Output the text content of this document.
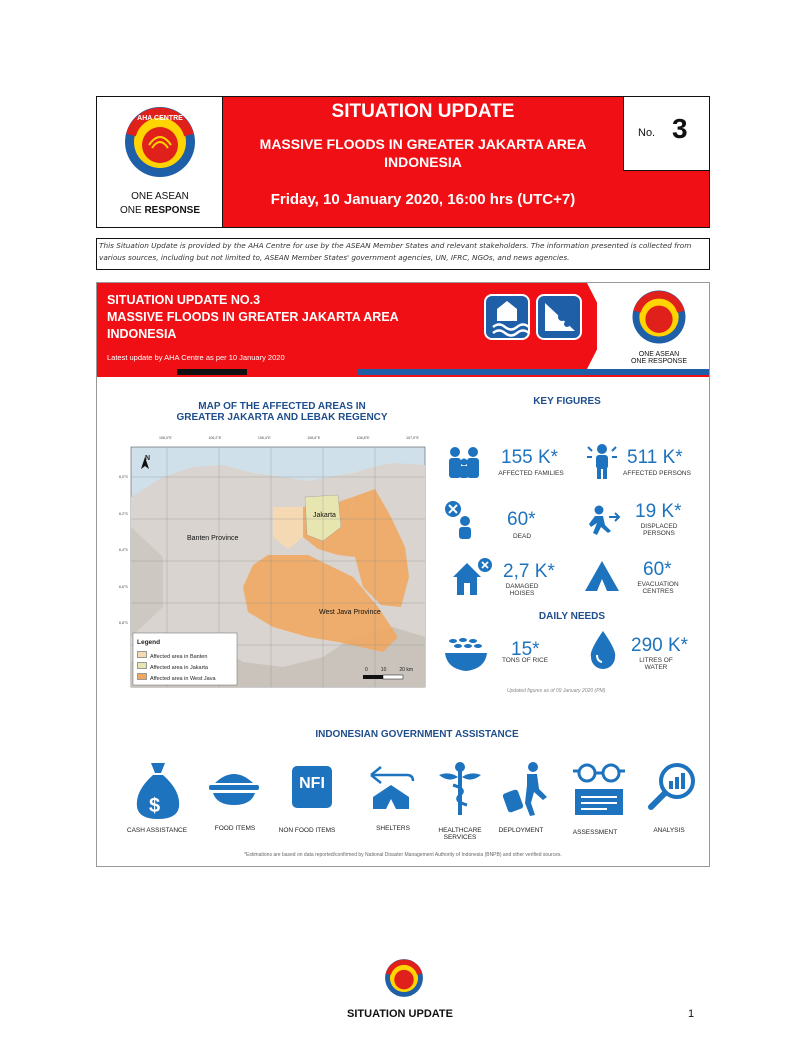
AHA CENTRE
ONE ASEAN
ONE RESPONSE
SITUATION UPDATE
MASSIVE FLOODS IN GREATER JAKARTA AREA
INDONESIA
Friday, 10 January 2020, 16:00 hrs (UTC+7)
No. 3
This Situation Update is provided by the AHA Centre for use by the ASEAN Member States and relevant stakeholders. The information presented is collected from various sources, including but not limited to, ASEAN Member States' government agencies, UN, IFRC, NGOs, and news agencies.
SITUATION UPDATE NO.3
MASSIVE FLOODS IN GREATER JAKARTA AREA
INDONESIA
Latest update by AHA Centre as per 10 January 2020	ONE ASEAN
ONE RESPONSE
MAP OF THE AFFECTED AREAS IN
GREATER JAKARTA AND LEBAK REGENCY
N
Jakarta
Banten Province
West Java Province
106,0°E	106,2°E	106,4°E	106,6°E	106,8°E	107,0°E
6,0°S
6,2°S
6,4°S
6,6°S
6,8°S
0	10	20 km
Legend
Affected area in Banten
Affected area in Jakarta
Affected area in West Java
KEY FIGURES
155 K*
AFFECTED FAMILIES
511 K*
AFFECTED PERSONS
60*
DEAD
19 K*
DISPLACED
PERSONS
2,7 K*
DAMAGED
HOISES
60*
EVACUATION
CENTRES
DAILY NEEDS
15*
TONS OF RICE
290 K*
LITRES OF
WATER
Updated figures as of 09 January 2020 (PM)
INDONESIAN GOVERNMENT ASSISTANCE
$
CASH ASSISTANCE	FOOD ITEMS
NFI
NON FOOD ITEMS	SHELTERS	HEALTHCARE
SERVICES
DEPLOYMENT	ASSESSMENT	ANALYSIS
*Estimations are based on data reported/confirmed by National Disaster Management Authority of Indonesia (BNPB) and other verified sources.
SITUATION UPDATE	1
